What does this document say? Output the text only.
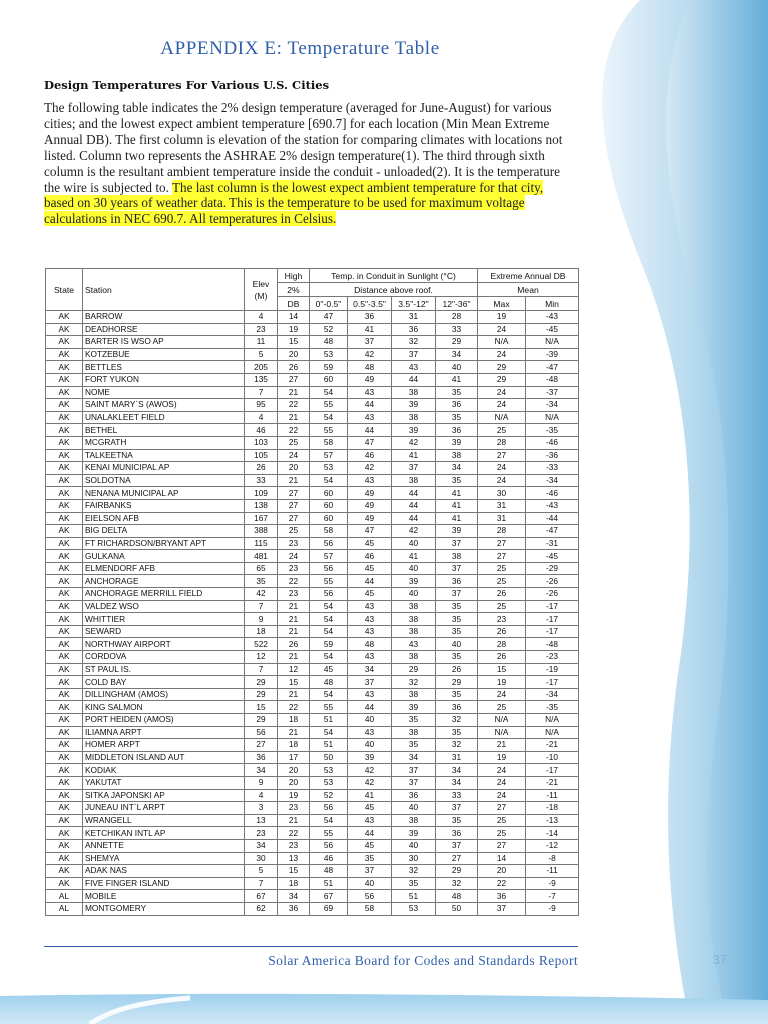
APPENDIX E: Temperature Table
Design Temperatures For Various U.S. Cities

The following table indicates the 2% design temperature (averaged for June-August) for various cities; and the lowest expect ambient temperature [690.7] for each location (Min Mean Extreme Annual DB). The first column is elevation of the station for comparing climates with locations not listed. Column two represents the ASHRAE 2% design temperature(1). The third through sixth column is the resultant ambient temperature inside the conduit - unloaded(2). It is the temperature the wire is subjected to. The last column is the lowest expect ambient temperature for that city, based on 30 years of weather data. This is the temperature to be used for maximum voltage calculations in NEC 690.7. All temperatures in Celsius.

State	Station	Elev (M)	High	Temp. in Conduit in Sunlight (°C)				Extreme Annual DB	
			2%	Distance above roof.				Mean	
			DB	0"-0.5"	0.5"-3.5"	3.5"-12"	12"-36"	Max	Min
AK	BARROW	4	14	47	36	31	28	19	-43
AK	DEADHORSE	23	19	52	41	36	33	24	-45
AK	BARTER IS WSO AP	11	15	48	37	32	29	N/A	N/A
AK	KOTZEBUE	5	20	53	42	37	34	24	-39
AK	BETTLES	205	26	59	48	43	40	29	-47
AK	FORT YUKON	135	27	60	49	44	41	29	-48
AK	NOME	7	21	54	43	38	35	24	-37
AK	SAINT MARY`S (AWOS)	95	22	55	44	39	36	24	-34
AK	UNALAKLEET FIELD	4	21	54	43	38	35	N/A	N/A
AK	BETHEL	46	22	55	44	39	36	25	-35
AK	MCGRATH	103	25	58	47	42	39	28	-46
AK	TALKEETNA	105	24	57	46	41	38	27	-36
AK	KENAI MUNICIPAL AP	26	20	53	42	37	34	24	-33
AK	SOLDOTNA	33	21	54	43	38	35	24	-34
AK	NENANA MUNICIPAL AP	109	27	60	49	44	41	30	-46
AK	FAIRBANKS	138	27	60	49	44	41	31	-43
AK	EIELSON AFB	167	27	60	49	44	41	31	-44
AK	BIG DELTA	388	25	58	47	42	39	28	-47
AK	FT RICHARDSON/BRYANT APT	115	23	56	45	40	37	27	-31
AK	GULKANA	481	24	57	46	41	38	27	-45
AK	ELMENDORF AFB	65	23	56	45	40	37	25	-29
AK	ANCHORAGE	35	22	55	44	39	36	25	-26
AK	ANCHORAGE MERRILL FIELD	42	23	56	45	40	37	26	-26
AK	VALDEZ WSO	7	21	54	43	38	35	25	-17
AK	WHITTIER	9	21	54	43	38	35	23	-17
AK	SEWARD	18	21	54	43	38	35	26	-17
AK	NORTHWAY AIRPORT	522	26	59	48	43	40	28	-48
AK	CORDOVA	12	21	54	43	38	35	26	-23
AK	ST PAUL IS.	7	12	45	34	29	26	15	-19
AK	COLD BAY	29	15	48	37	32	29	19	-17
AK	DILLINGHAM (AMOS)	29	21	54	43	38	35	24	-34
AK	KING SALMON	15	22	55	44	39	36	25	-35
AK	PORT HEIDEN (AMOS)	29	18	51	40	35	32	N/A	N/A
AK	ILIAMNA ARPT	56	21	54	43	38	35	N/A	N/A
AK	HOMER ARPT	27	18	51	40	35	32	21	-21
AK	MIDDLETON ISLAND AUT	36	17	50	39	34	31	19	-10
AK	KODIAK	34	20	53	42	37	34	24	-17
AK	YAKUTAT	9	20	53	42	37	34	24	-21
AK	SITKA JAPONSKI AP	4	19	52	41	36	33	24	-11
AK	JUNEAU INT`L ARPT	3	23	56	45	40	37	27	-18
AK	WRANGELL	13	21	54	43	38	35	25	-13
AK	KETCHIKAN INTL AP	23	22	55	44	39	36	25	-14
AK	ANNETTE	34	23	56	45	40	37	27	-12
AK	SHEMYA	30	13	46	35	30	27	14	-8
AK	ADAK NAS	5	15	48	37	32	29	20	-11
AK	FIVE FINGER ISLAND	7	18	51	40	35	32	22	-9
AL	MOBILE	67	34	67	56	51	48	36	-7
AL	MONTGOMERY	62	36	69	58	53	50	37	-9

Solar America Board for Codes and Standards Report	37
